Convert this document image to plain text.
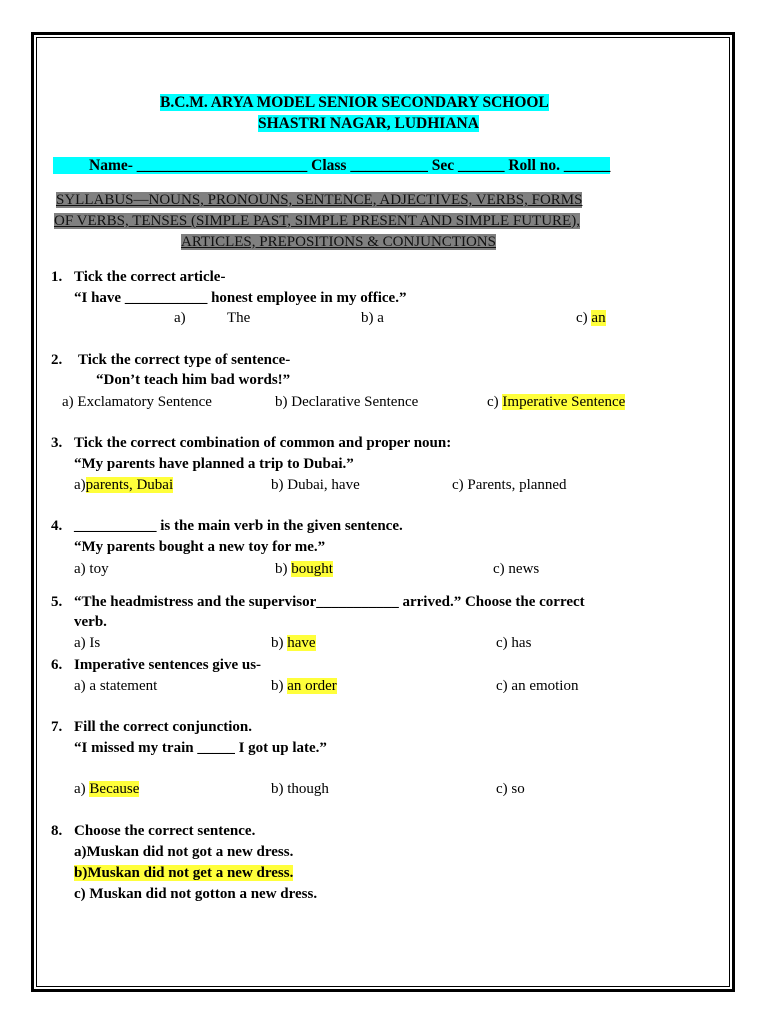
B.C.M. ARYA MODEL SENIOR SECONDARY SCHOOL
SHASTRI NAGAR, LUDHIANA
Name- ______________________ Class __________ Sec ______ Roll no. ______
SYLLABUS—NOUNS, PRONOUNS, SENTENCE, ADJECTIVES, VERBS, FORMS
OF VERBS, TENSES (SIMPLE PAST, SIMPLE PRESENT AND SIMPLE FUTURE),
ARTICLES, PREPOSITIONS & CONJUNCTIONS
1. Tick the correct article-
“I have ___________ honest employee in my office.”
a)	The	b) a	c) an
2. Tick the correct type of sentence-
“Don’t teach him bad words!”
a) Exclamatory Sentence	b) Declarative Sentence	c) Imperative Sentence
3. Tick the correct combination of common and proper noun:
“My parents have planned a trip to Dubai.”
a)parents, Dubai	b) Dubai, have	c) Parents, planned
4. ___________ is the main verb in the given sentence.
“My parents bought a new toy for me.”
a) toy	b) bought	c) news
5. “The headmistress and the supervisor___________ arrived.” Choose the correct
verb.
a) Is	b) have	c) has
6. Imperative sentences give us-
a) a statement	b) an order	c) an emotion
7. Fill the correct conjunction.
“I missed my train _____ I got up late.”
a) Because	b) though	c) so
8. Choose the correct sentence.
a)Muskan did not got a new dress.
b)Muskan did not get a new dress.
c) Muskan did not gotton a new dress.
